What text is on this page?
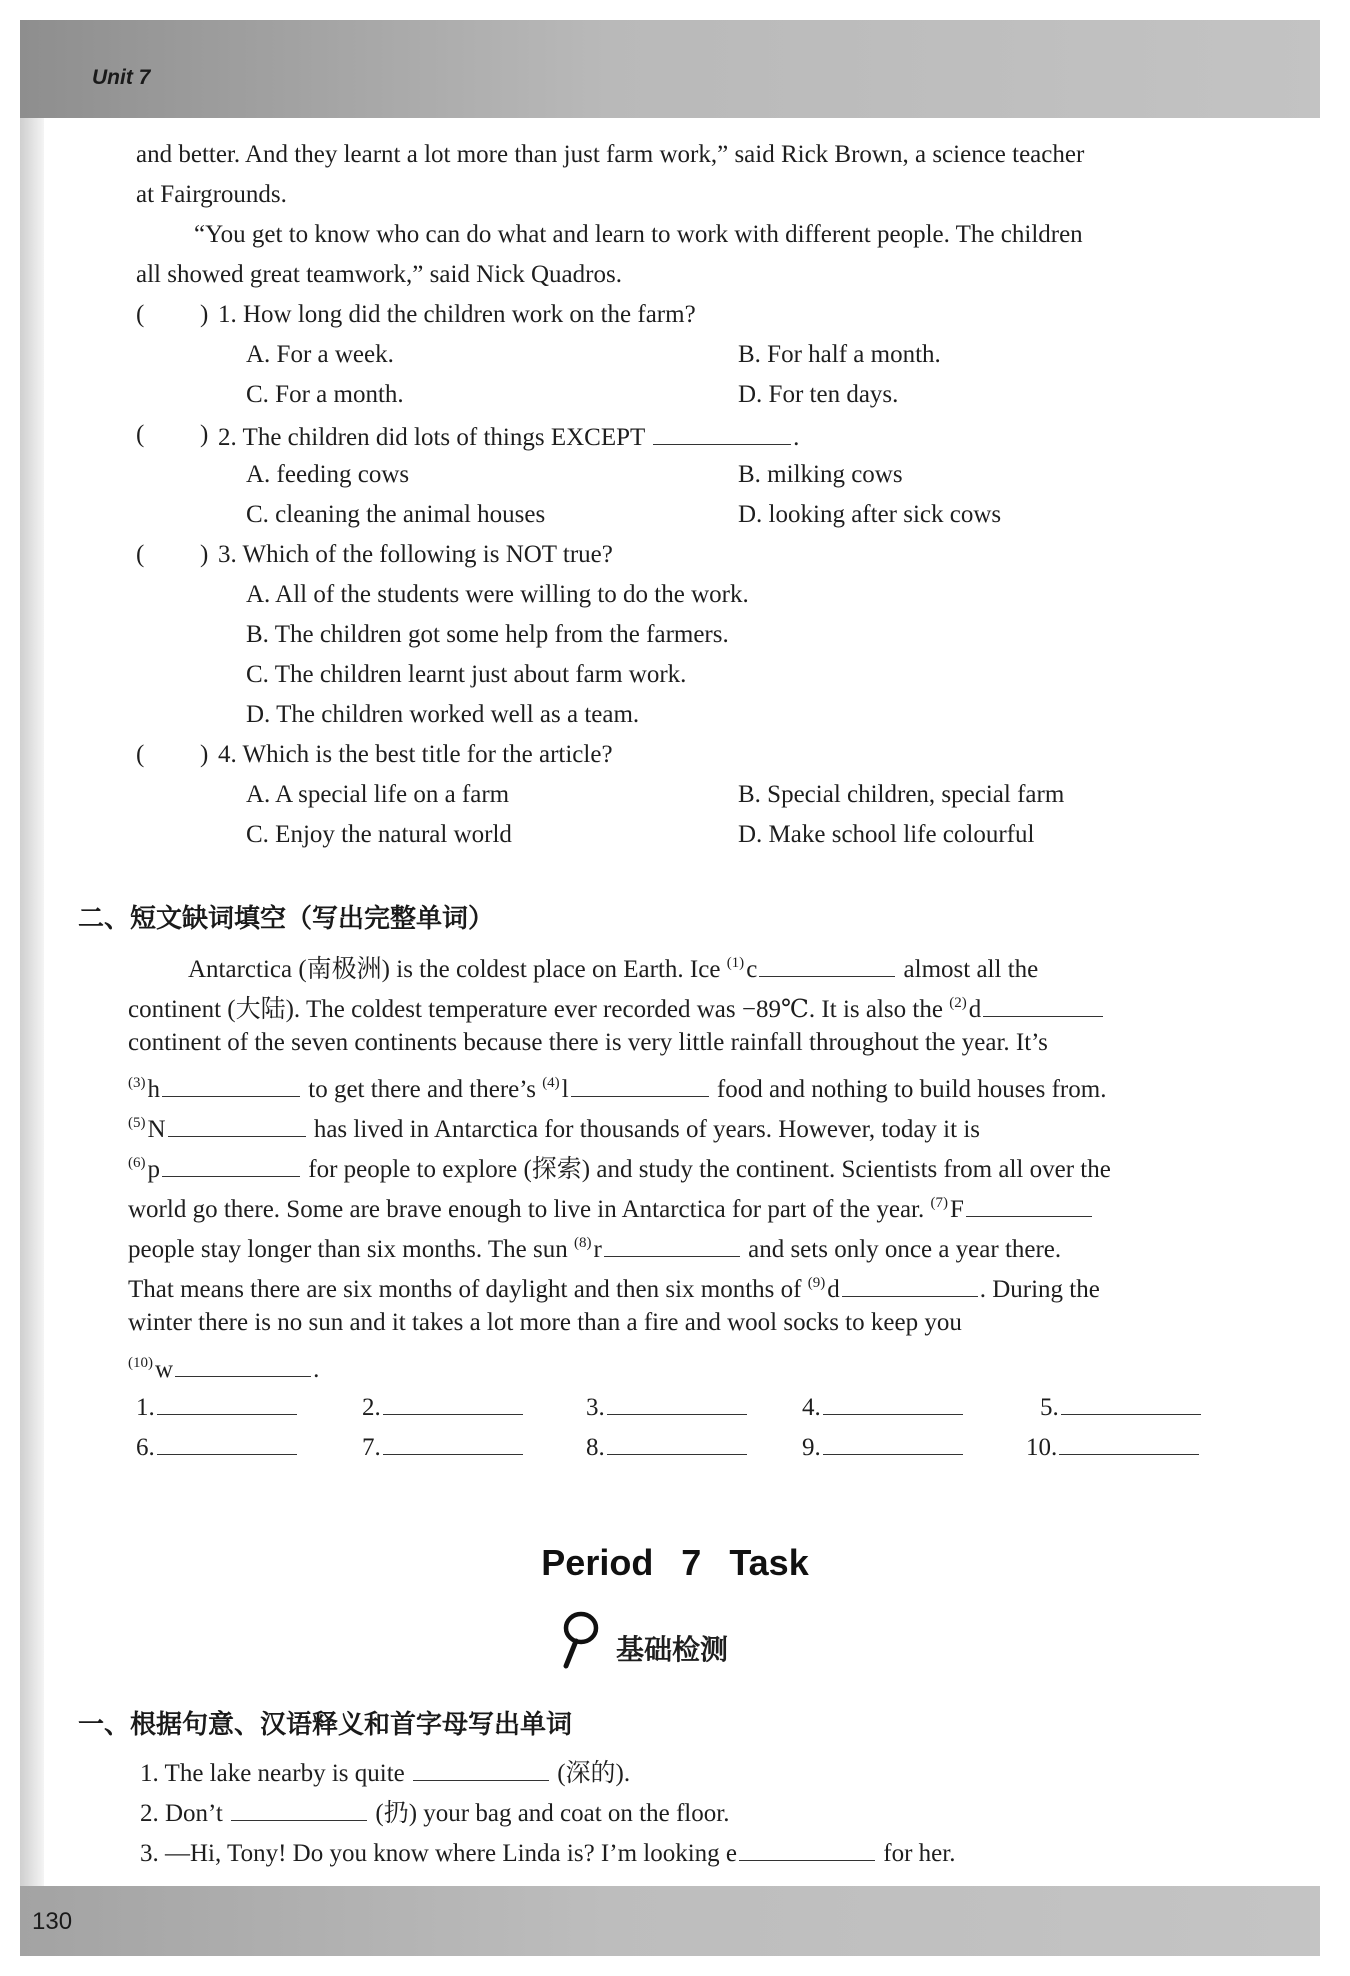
Unit 7
130
and better. And they learnt a lot more than just farm work,” said Rick Brown, a science teacher
at Fairgrounds.
“You get to know who can do what and learn to work with different people. The children
all showed great teamwork,” said Nick Quadros.
( ) 1. How long did the children work on the farm?
A. For a week.	B. For half a month.
C. For a month.	D. For ten days.
( ) 2. The children did lots of things EXCEPT	.
A. feeding cows	B. milking cows
C. cleaning the animal houses	D. looking after sick cows
( ) 3. Which of the following is NOT true?
A. All of the students were willing to do the work.
B. The children got some help from the farmers.
C. The children learnt just about farm work.
D. The children worked well as a team.
( ) 4. Which is the best title for the article?
A. A special life on a farm	B. Special children, special farm
C. Enjoy the natural world	D. Make school life colourful
二、短文缺词填空（写出完整单词）
Antarctica (南极洲) is the coldest place on Earth. Ice $^{(1)}$c	almost all the
continent (大陆). The coldest temperature ever recorded was −89℃. It is also the $^{(2)}$d
continent of the seven continents because there is very little rainfall throughout the year. It’s
$^{(3)}$h	to get there and there’s $^{(4)}$l	food and nothing to build houses from.
$^{(5)}$N	has lived in Antarctica for thousands of years. However, today it is
$^{(6)}$p	for people to explore (探索) and study the continent. Scientists from all over the
world go there. Some are brave enough to live in Antarctica for part of the year. $^{(7)}$F
people stay longer than six months. The sun $^{(8)}$r	and sets only once a year there.
That means there are six months of daylight and then six months of $^{(9)}$d	. During the
winter there is no sun and it takes a lot more than a fire and wool socks to keep you
$^{(10)}$w	.
1.	2.	3.	4.	5.
6.	7.	8.	9.	10.
Period 7 Task
基础检测
一、根据句意、汉语释义和首字母写出单词
1. The lake nearby is quite	(深的).
2. Don’t	(扔) your bag and coat on the floor.
3. —Hi, Tony! Do you know where Linda is? I’m looking e	for her.
